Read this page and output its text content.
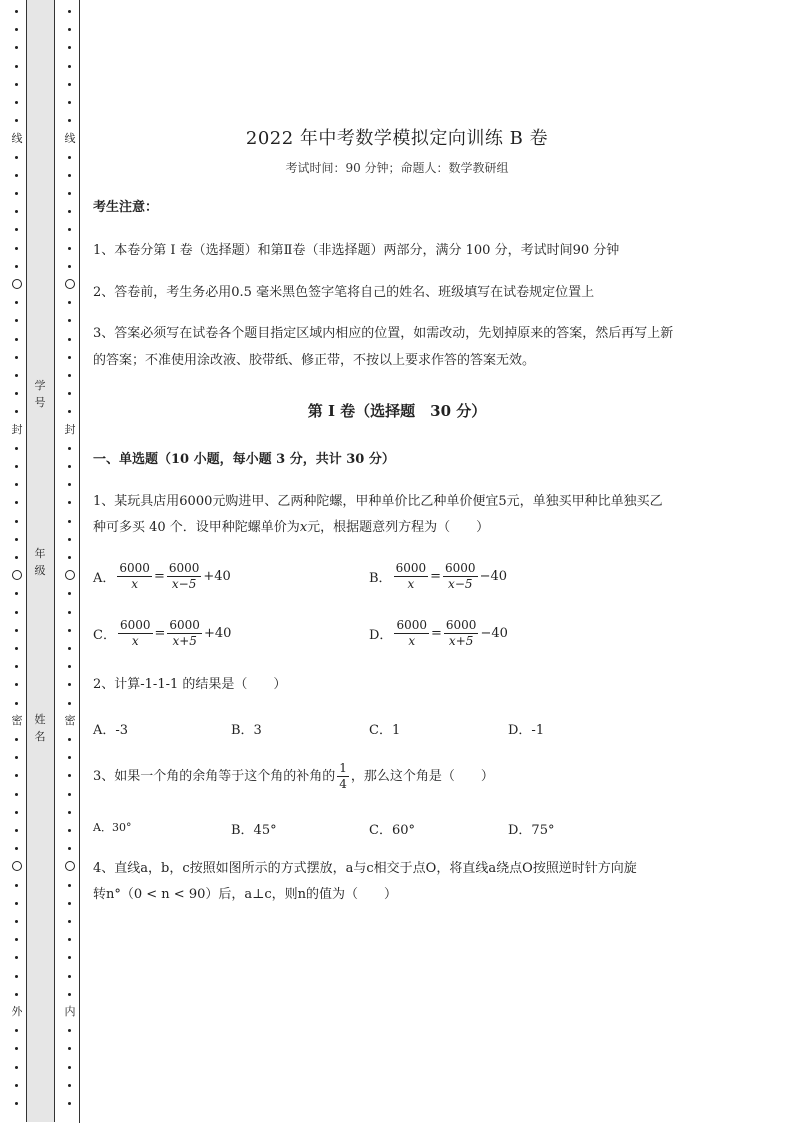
线
封
密
外
线
封
密
内
学号
年级
姓名
2022 年中考数学模拟定向训练 B 卷
考试时间：90 分钟；命题人：数学教研组
考生注意：
1、本卷分第 I 卷（选择题）和第Ⅱ卷（非选择题）两部分，满分 100 分，考试时间90 分钟
2、答卷前，考生务必用0.5 毫米黑色签字笔将自己的姓名、班级填写在试卷规定位置上
3、答案必须写在试卷各个题目指定区域内相应的位置，如需改动，先划掉原来的答案，然后再写上新
的答案；不准使用涂改液、胶带纸、修正带，不按以上要求作答的答案无效。
第 I 卷（选择题　30 分）
一、单选题（10 小题，每小题 3 分，共计 30 分）
1、某玩具店用6000元购进甲、乙两种陀螺，甲种单价比乙种单价便宜5元，单独买甲种比单独买乙
种可多买 40 个．设甲种陀螺单价为x元，根据题意列方程为（　　）
A． $\frac{6000}{x} = \frac{6000}{x-5} +40$	B． $\frac{6000}{x} = \frac{6000}{x-5} -40$
C． $\frac{6000}{x} = \frac{6000}{x+5} +40$	D． $\frac{6000}{x} = \frac{6000}{x+5} -40$
2、计算-1-1-1 的结果是（　　）
A．-3	B．3	C．1	D．-1
3、如果一个角的余角等于这个角的补角的 $\frac{1}{4}$ ，那么这个角是（　　）
A．30°	B．45°	C．60°	D．75°
4、直线a，b，c按照如图所示的方式摆放，a与c相交于点O，将直线a绕点O按照逆时针方向旋
转n°（0 < n < 90）后，a⊥c，则n的值为（　　）
